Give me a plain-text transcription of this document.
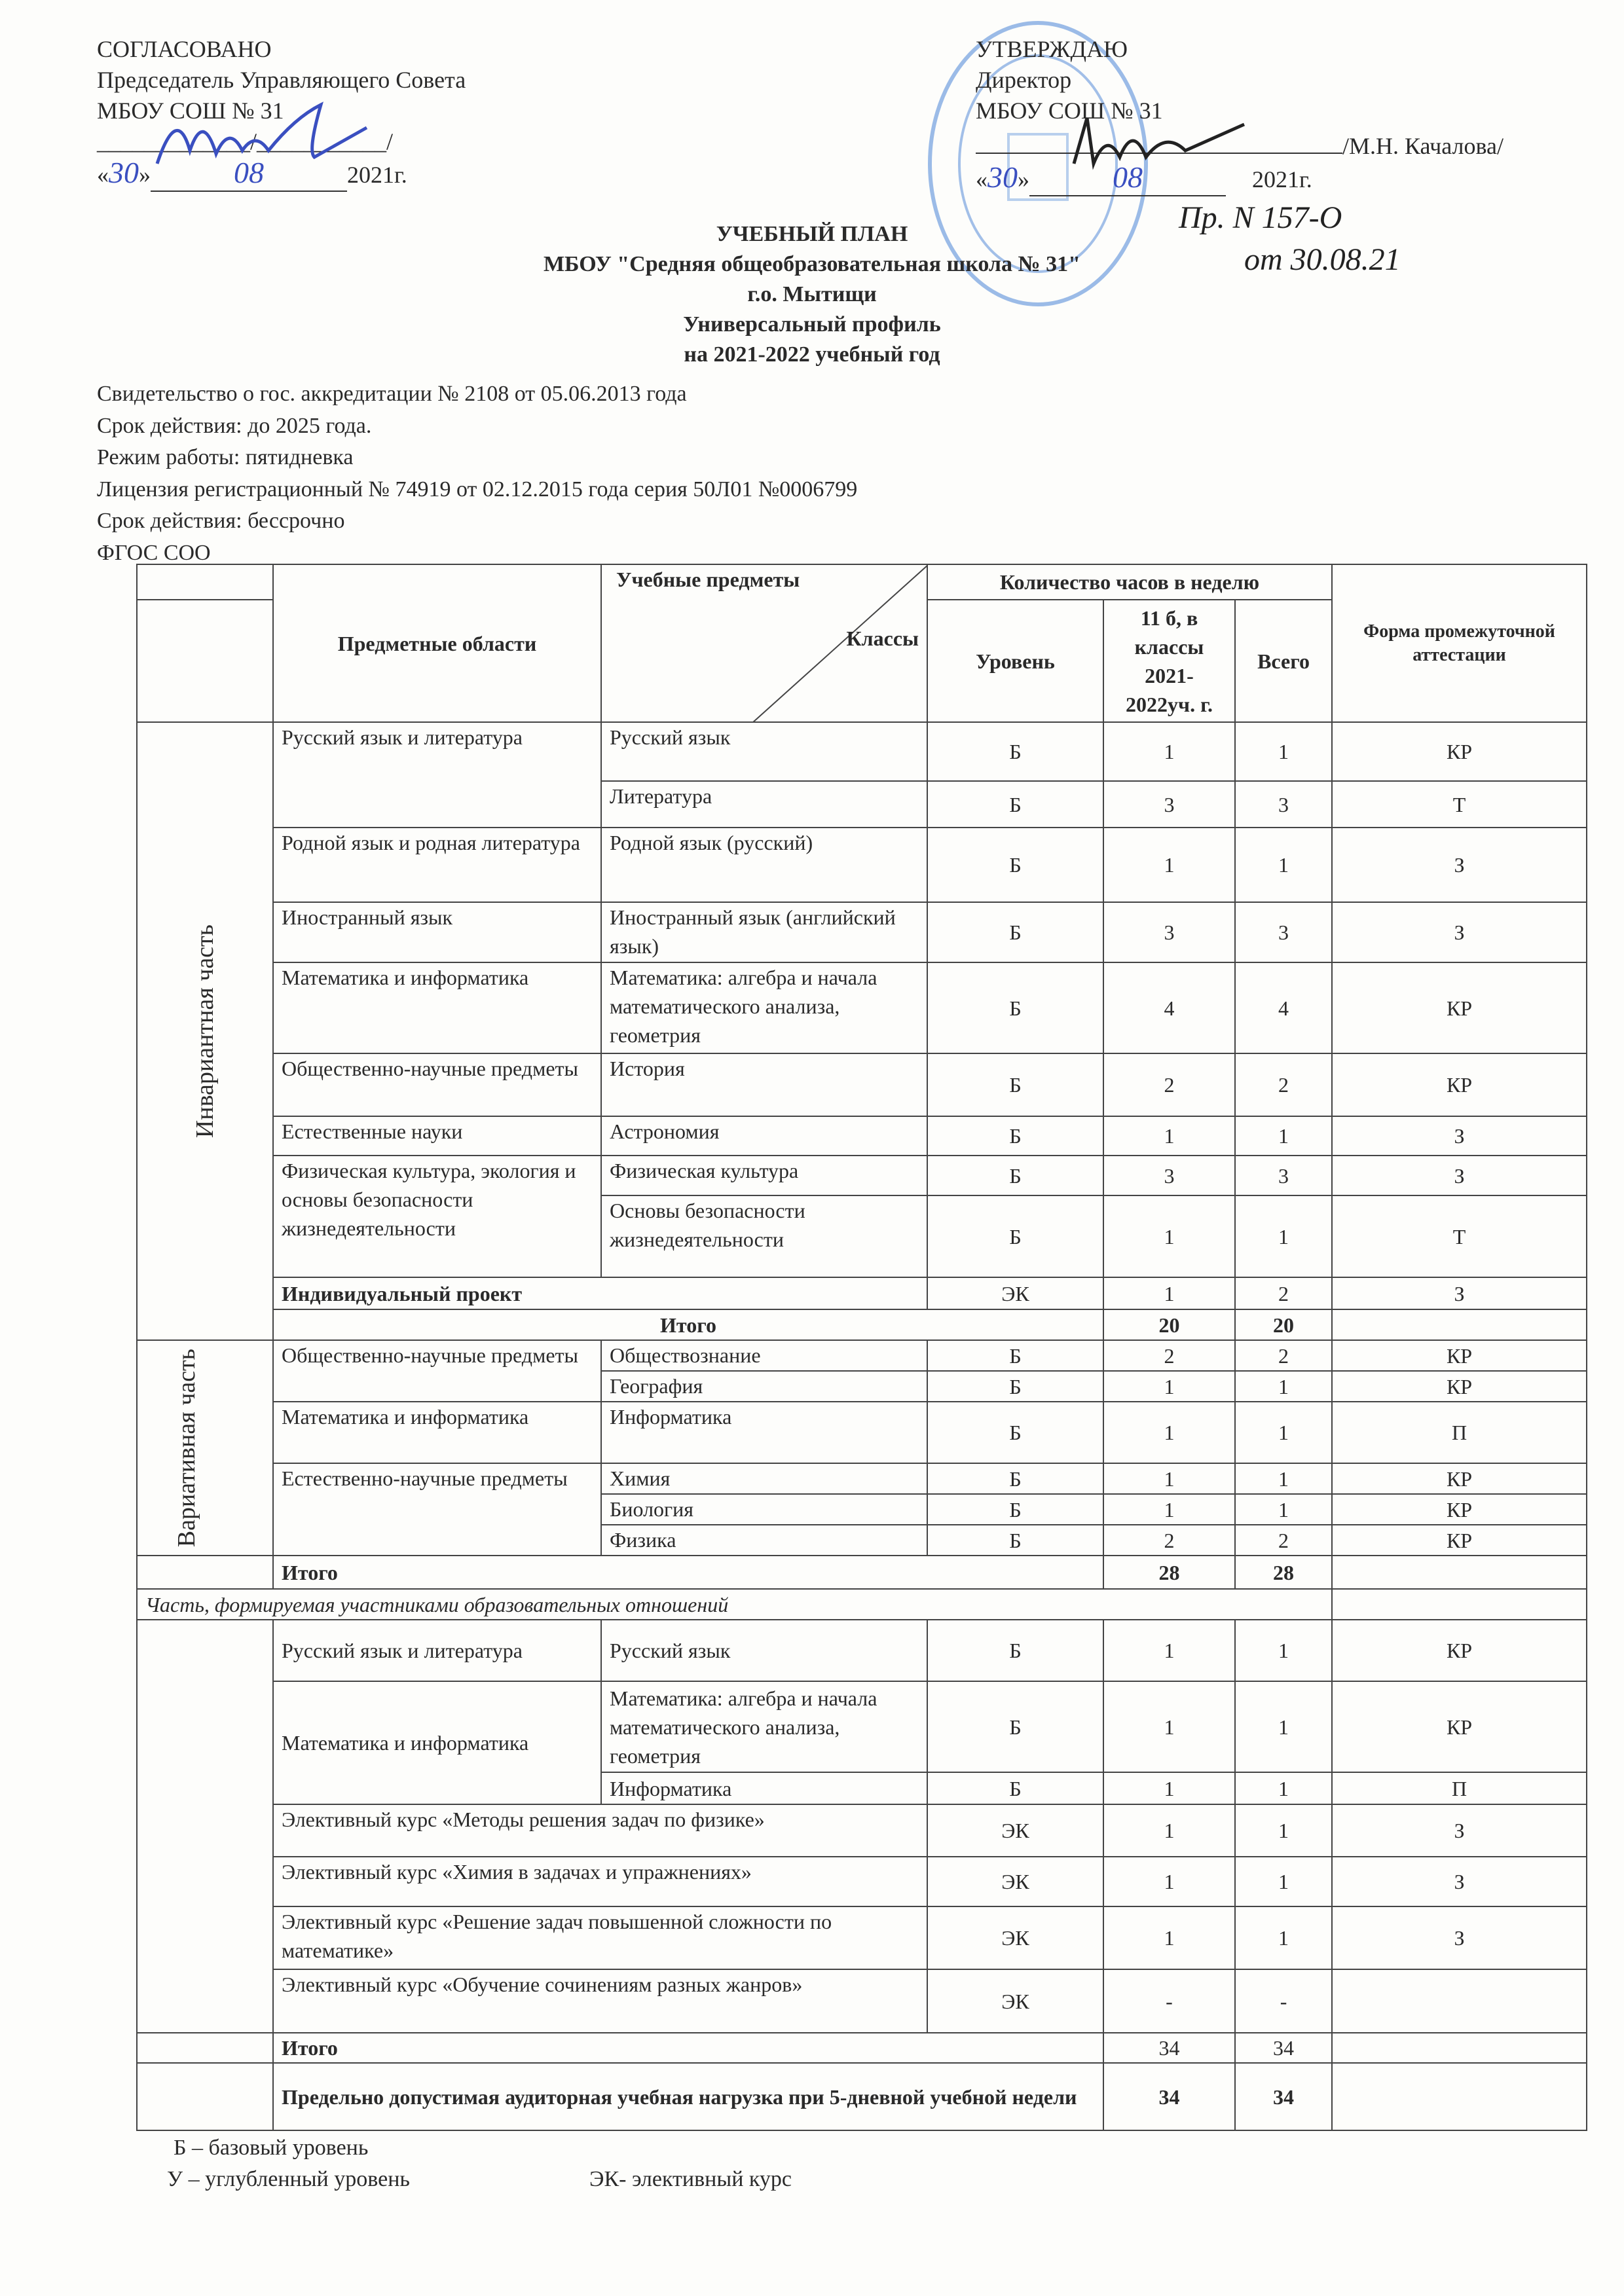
СОГЛАСОВАНО
Председатель Управляющего Совета
МБОУ СОШ № 31
_____________/___________/
«30»	08	2021г.
УТВЕРЖДАЮ
Директор
МБОУ СОШ № 31
/М.Н. Качалова/
«30»	08	2021г.
Пр. N 157-О
от 30.08.21
УЧЕБНЫЙ ПЛАН
МБОУ "Средняя общеобразовательная школа № 31"
г.о. Мытищи
Универсальный профиль
на 2021-2022 учебный год
Свидетельство о гос. аккредитации № 2108 от 05.06.2013 года
Срок действия: до 2025 года.
Режим работы: пятидневка
Лицензия регистрационный № 74919 от 02.12.2015 года серия 50Л01 №0006799
Срок действия: бессрочно
ФГОС СОО
	Предметные области	Учебные предметы
Классы	Количество часов в неделю			Форма промежуточной аттестации
			Уровень	11 б, в классы 2021-2022уч. г.	Всего	

Инвариантная часть	Русский язык и литература	Русский язык	Б	1	1	КР
		Литература	Б	3	3	Т
	Родной язык и родная литература	Родной язык (русский)	Б	1	1	З
	Иностранный язык	Иностранный язык (английский язык)	Б	3	3	З
	Математика и информатика	Математика: алгебра и начала математического анализа, геометрия	Б	4	4	КР
	Общественно-научные предметы	История	Б	2	2	КР
	Естественные науки	Астрономия	Б	1	1	З
	Физическая культура, экология и основы безопасности жизнедеятельности	Физическая культура	Б	3	3	З
		Основы безопасности жизнедеятельности	Б	1	1	Т
	Индивидуальный проект		ЭК	1	2	З
	Итого			20	20	

Вариативная часть	Общественно-научные предметы	Обществознание	Б	2	2	КР
		География	Б	1	1	КР
	Математика и информатика	Информатика	Б	1	1	П
	Естественно-научные предметы	Химия	Б	1	1	КР
		Биология	Б	1	1	КР
		Физика	Б	2	2	КР
	Итого			28	28	
Часть, формируемая участниками образовательных отношений						
	Русский язык и литература	Русский язык	Б	1	1	КР
	Математика и информатика	Математика: алгебра и начала математического анализа, геометрия	Б	1	1	КР
		Информатика	Б	1	1	П
	Элективный курс «Методы решения задач по физике»		ЭК	1	1	З
	Элективный курс «Химия в задачах и упражнениях»		ЭК	1	1	З
	Элективный курс «Решение задач повышенной сложности по математике»		ЭК	1	1	З
	Элективный курс «Обучение сочинениям разных жанров»		ЭК	-	-	
	Итого			34	34	
	Предельно допустимая аудиторная учебная нагрузка при 5-дневной учебной недели			34	34	
Б – базовый уровень
У – углубленный уровень	ЭК- элективный курс
